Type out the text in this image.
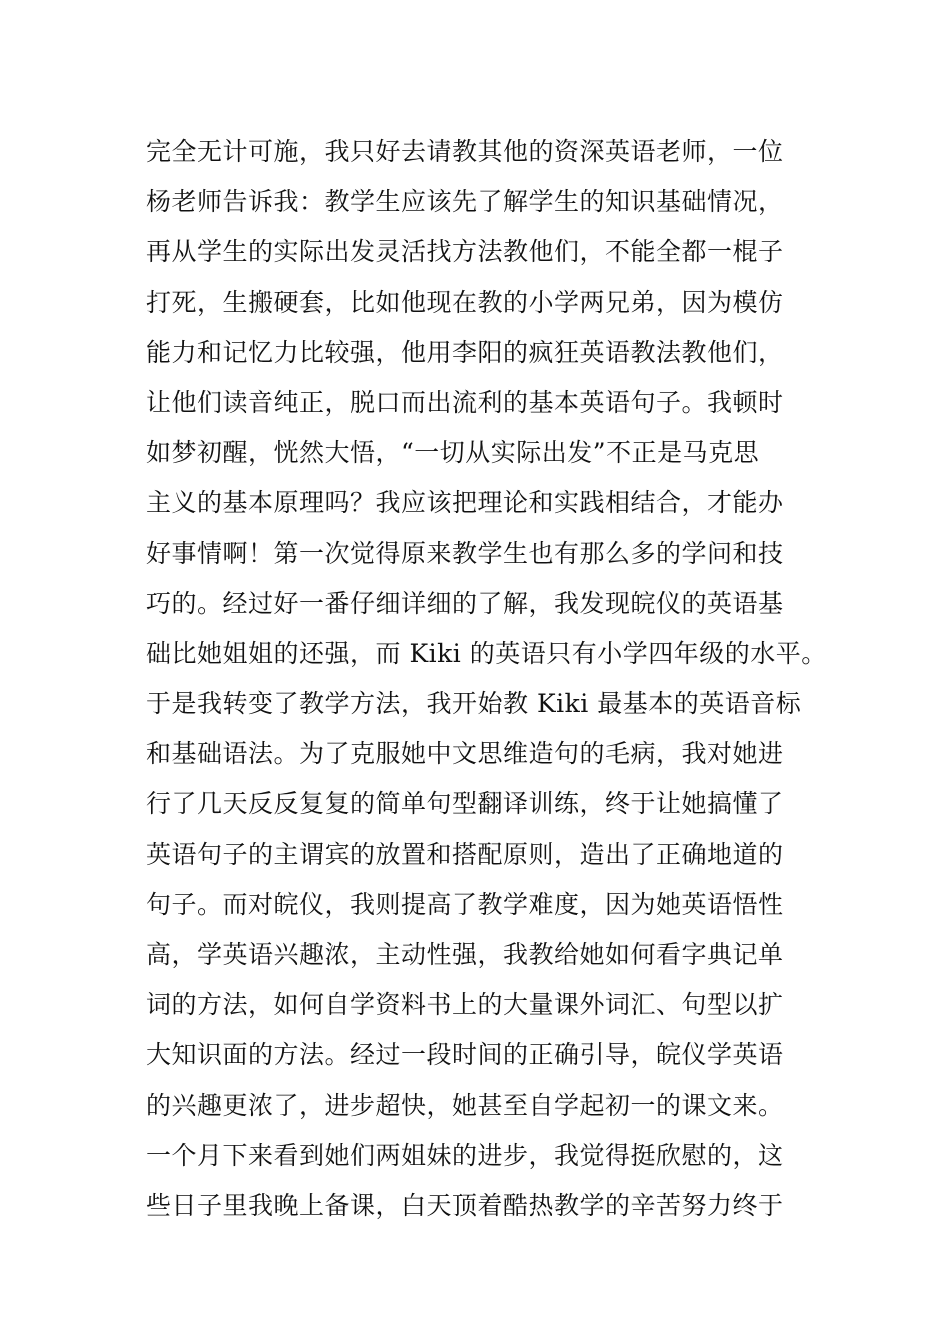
完全无计可施，我只好去请教其他的资深英语老师，一位
杨老师告诉我：教学生应该先了解学生的知识基础情况，
再从学生的实际出发灵活找方法教他们，不能全都一棍子
打死，生搬硬套，比如他现在教的小学两兄弟，因为模仿
能力和记忆力比较强，他用李阳的疯狂英语教法教他们，
让他们读音纯正，脱口而出流利的基本英语句子。我顿时
如梦初醒，恍然大悟，“一切从实际出发”不正是马克思
主义的基本原理吗？我应该把理论和实践相结合，才能办
好事情啊！第一次觉得原来教学生也有那么多的学问和技
巧的。经过好一番仔细详细的了解，我发现皖仪的英语基
础比她姐姐的还强，而 Kiki 的英语只有小学四年级的水平。
于是我转变了教学方法，我开始教 Kiki 最基本的英语音标
和基础语法。为了克服她中文思维造句的毛病，我对她进
行了几天反反复复的简单句型翻译训练，终于让她搞懂了
英语句子的主谓宾的放置和搭配原则，造出了正确地道的
句子。而对皖仪，我则提高了教学难度，因为她英语悟性
高，学英语兴趣浓，主动性强，我教给她如何看字典记单
词的方法，如何自学资料书上的大量课外词汇、句型以扩
大知识面的方法。经过一段时间的正确引导，皖仪学英语
的兴趣更浓了，进步超快，她甚至自学起初一的课文来。
一个月下来看到她们两姐妹的进步，我觉得挺欣慰的，这
些日子里我晚上备课，白天顶着酷热教学的辛苦努力终于
